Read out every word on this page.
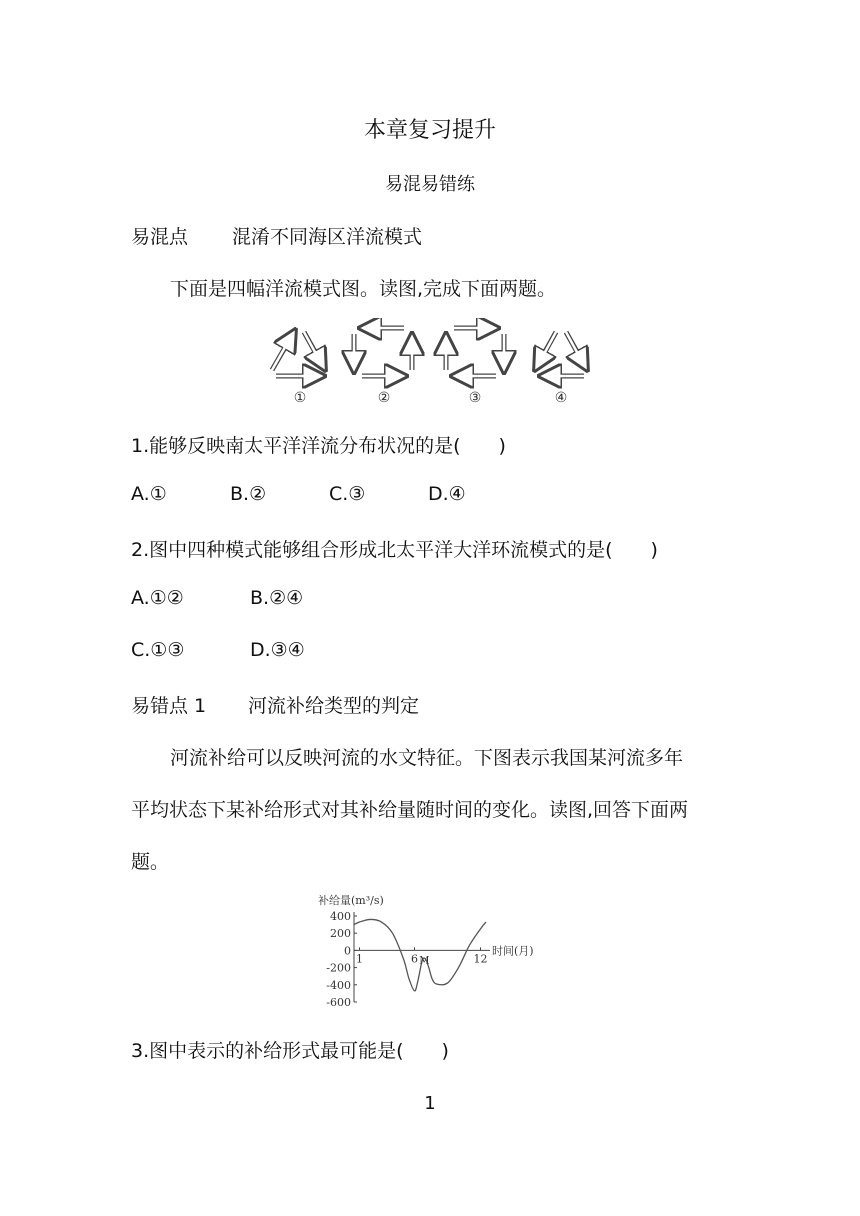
本章复习提升
易混易错练
易混点 混淆不同海区洋流模式
下面是四幅洋流模式图。读图,完成下面两题。
①	②	③	④
1.能够反映南太平洋洋流分布状况的是(　　)
A.①	B.②	C.③	D.④
2.图中四种模式能够组合形成北太平洋大洋环流模式的是(　　)
A.①②	B.②④
C.①③	D.③④
易错点 1 河流补给类型的判定
河流补给可以反映河流的水文特征。下图表示我国某河流多年
平均状态下某补给形式对其补给量随时间的变化。读图,回答下面两
题。
补给量(m³/s)
400
200
0
-200
-400
-600
1	6	12
时间(月)
M
3.图中表示的补给形式最可能是(　　)
1
